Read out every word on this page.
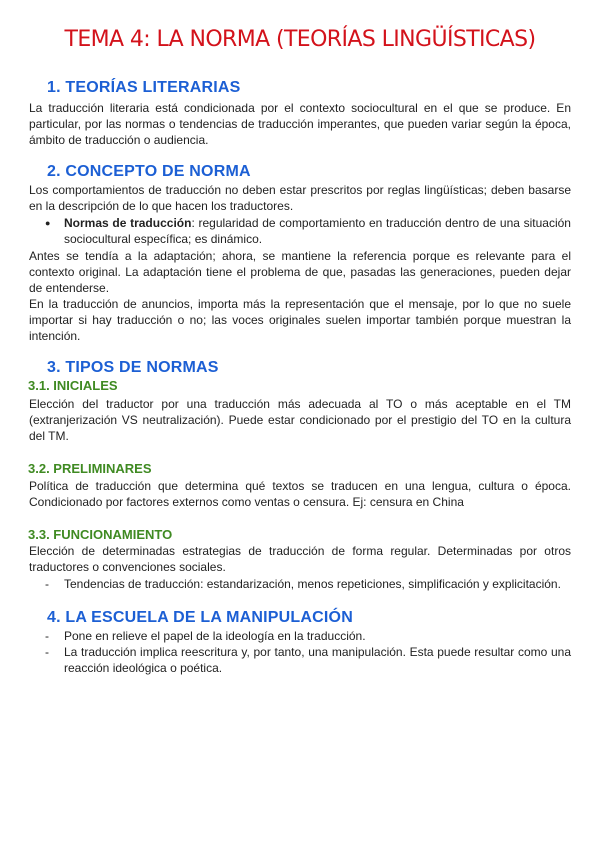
TEMA 4: LA NORMA (TEORÍAS LINGÜÍSTICAS)
1. TEORÍAS LITERARIAS
La traducción literaria está condicionada por el contexto sociocultural en el que se produce. En particular, por las normas o tendencias de traducción imperantes, que pueden variar según la época, ámbito de traducción o audiencia.
2. CONCEPTO DE NORMA
Los comportamientos de traducción no deben estar prescritos por reglas lingüísticas; deben basarse en la descripción de lo que hacen los traductores.
● Normas de traducción: regularidad de comportamiento en traducción dentro de una situación sociocultural específica; es dinámico.
Antes se tendía a la adaptación; ahora, se mantiene la referencia porque es relevante para el contexto original. La adaptación tiene el problema de que, pasadas las generaciones, pueden dejar de entenderse.
En la traducción de anuncios, importa más la representación que el mensaje, por lo que no suele importar si hay traducción o no; las voces originales suelen importar también porque muestran la intención.
3. TIPOS DE NORMAS
3.1. INICIALES
Elección del traductor por una traducción más adecuada al TO o más aceptable en el TM (extranjerización VS neutralización). Puede estar condicionado por el prestigio del TO en la cultura del TM.
3.2. PRELIMINARES
Política de traducción que determina qué textos se traducen en una lengua, cultura o época. Condicionado por factores externos como ventas o censura. Ej: censura en China
3.3. FUNCIONAMIENTO
Elección de determinadas estrategias de traducción de forma regular. Determinadas por otros traductores o convenciones sociales.
- Tendencias de traducción: estandarización, menos repeticiones, simplificación y explicitación.
4. LA ESCUELA DE LA MANIPULACIÓN
- Pone en relieve el papel de la ideología en la traducción.
- La traducción implica reescritura y, por tanto, una manipulación. Esta puede resultar como una reacción ideológica o poética.
